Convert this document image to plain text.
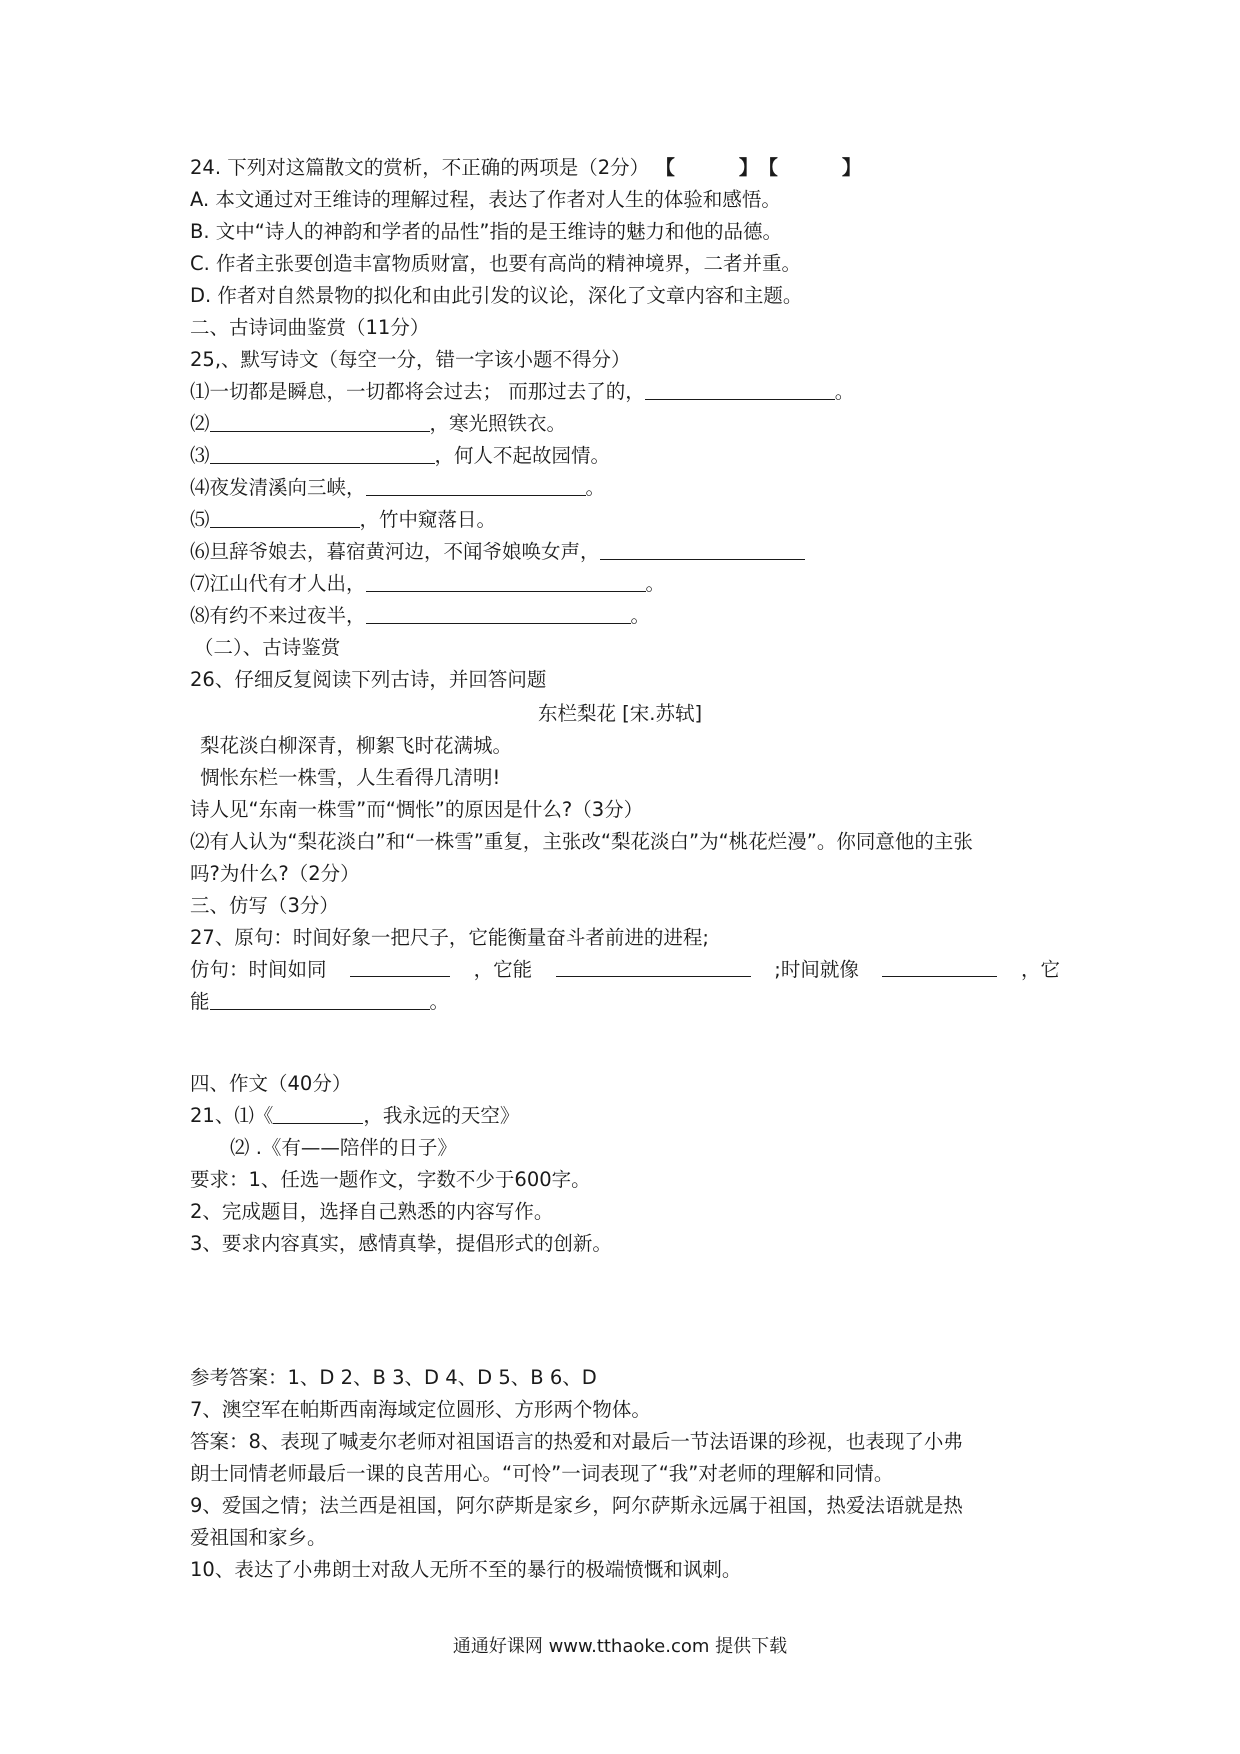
24. 下列对这篇散文的赏析，不正确的两项是（2分） 【	】【	】
A. 本文通过对王维诗的理解过程，表达了作者对人生的体验和感悟。
B. 文中“诗人的神韵和学者的品性”指的是王维诗的魅力和他的品德。
C. 作者主张要创造丰富物质财富，也要有高尚的精神境界，二者并重。
D. 作者对自然景物的拟化和由此引发的议论，深化了文章内容和主题。
二、古诗词曲鉴赏（11分）
25,、默写诗文（每空一分，错一字该小题不得分）
⑴一切都是瞬息，一切都将会过去； 而那过去了的，	。
⑵	，寒光照铁衣。
⑶	，何人不起故园情。
⑷夜发清溪向三峡，	。
⑸	，竹中窥落日。
⑹旦辞爷娘去，暮宿黄河边，不闻爷娘唤女声，
⑺江山代有才人出，	。
⑻有约不来过夜半，	。
（二）、古诗鉴赏
26、仔细反复阅读下列古诗，并回答问题
东栏梨花 [宋.苏轼]
梨花淡白柳深青，柳絮飞时花满城。
惆怅东栏一株雪，人生看得几清明!
诗人见“东南一株雪”而“惆怅”的原因是什么?（3分）
⑵有人认为“梨花淡白”和“一株雪”重复，主张改“梨花淡白”为“桃花烂漫”。你同意他的主张
吗?为什么?（2分）
三、仿写（3分）
27、原句：时间好象一把尺子，它能衡量奋斗者前进的进程;
仿句：时间如同	，它能	;时间就像	，它
能	。
四、作文（40分）
21、⑴《	，我永远的天空》
⑵ .《有——陪伴的日子》
要求：1、任选一题作文，字数不少于600字。
2、完成题目，选择自己熟悉的内容写作。
3、要求内容真实，感情真挚，提倡形式的创新。
参考答案：1、D 2、B 3、D 4、D 5、B 6、D
7、澳空军在帕斯西南海域定位圆形、方形两个物体。
答案：8、表现了喊麦尔老师对祖国语言的热爱和对最后一节法语课的珍视，也表现了小弗
朗士同情老师最后一课的良苦用心。“可怜”一词表现了“我”对老师的理解和同情。
9、爱国之情；法兰西是祖国，阿尔萨斯是家乡，阿尔萨斯永远属于祖国，热爱法语就是热
爱祖国和家乡。
10、表达了小弗朗士对敌人无所不至的暴行的极端愤慨和讽刺。
通通好课网 www.tthaoke.com 提供下载
